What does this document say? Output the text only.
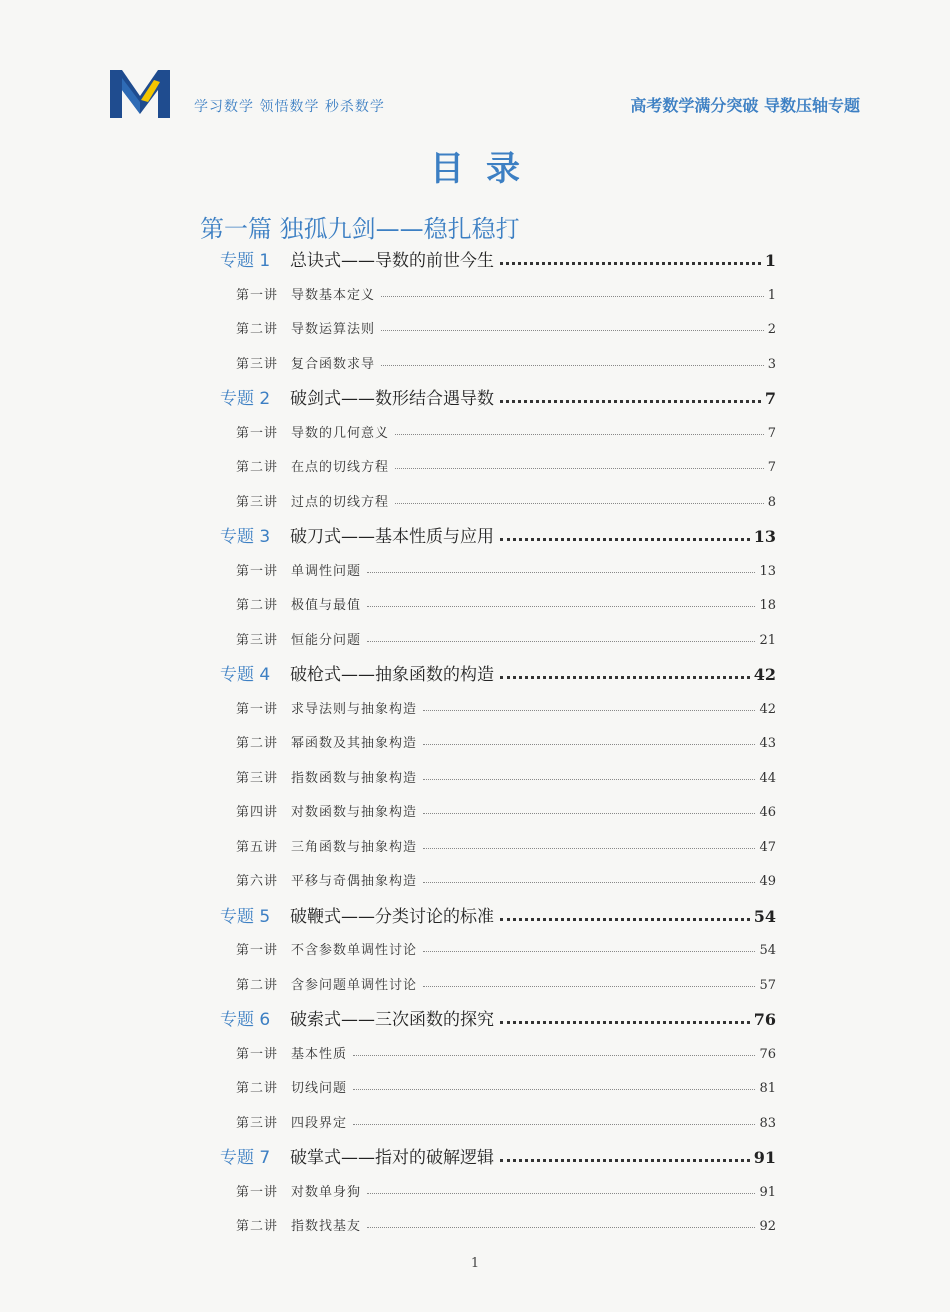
学习数学 领悟数学 秒杀数学	高考数学满分突破 导数压轴专题
目录
第一篇 独孤九剑——稳扎稳打
专题 1	总诀式——导数的前世今生	1
第一讲 导数基本定义	1
第二讲 导数运算法则	2
第三讲 复合函数求导	3
专题 2	破剑式——数形结合遇导数	7
第一讲 导数的几何意义	7
第二讲 在点的切线方程	7
第三讲 过点的切线方程	8
专题 3	破刀式——基本性质与应用	13
第一讲 单调性问题	13
第二讲 极值与最值	18
第三讲 恒能分问题	21
专题 4	破枪式——抽象函数的构造	42
第一讲 求导法则与抽象构造	42
第二讲 幂函数及其抽象构造	43
第三讲 指数函数与抽象构造	44
第四讲 对数函数与抽象构造	46
第五讲 三角函数与抽象构造	47
第六讲 平移与奇偶抽象构造	49
专题 5	破鞭式——分类讨论的标准	54
第一讲 不含参数单调性讨论	54
第二讲 含参问题单调性讨论	57
专题 6	破索式——三次函数的探究	76
第一讲 基本性质	76
第二讲 切线问题	81
第三讲 四段界定	83
专题 7	破掌式——指对的破解逻辑	91
第一讲 对数单身狗	91
第二讲 指数找基友	92
1
